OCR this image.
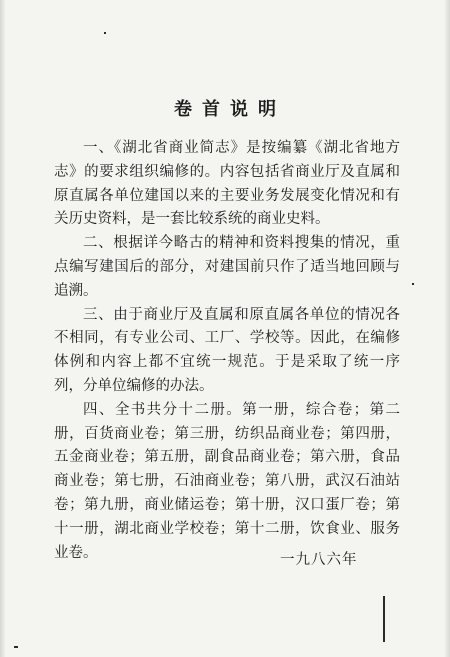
卷首说明

一、《湖北省商业简志》是按编纂《湖北省地方志》的要求组织编修的。内容包括省商业厅及直属和原直属各单位建国以来的主要业务发展变化情况和有关历史资料，是一套比较系统的商业史料。

二、根据详今略古的精神和资料搜集的情况，重点编写建国后的部分，对建国前只作了适当地回顾与追溯。

三、由于商业厅及直属和原直属各单位的情况各不相同，有专业公司、工厂、学校等。因此，在编修体例和内容上都不宜统一规范。于是采取了统一序列，分单位编修的办法。

四、全书共分十二册。第一册，综合卷；第二册，百货商业卷；第三册，纺织品商业卷；第四册，五金商业卷；第五册，副食品商业卷；第六册，食品商业卷；第七册，石油商业卷；第八册，武汉石油站卷；第九册，商业储运卷；第十册，汉口蛋厂卷；第十一册，湖北商业学校卷；第十二册，饮食业、服务业卷。	一九八六年
